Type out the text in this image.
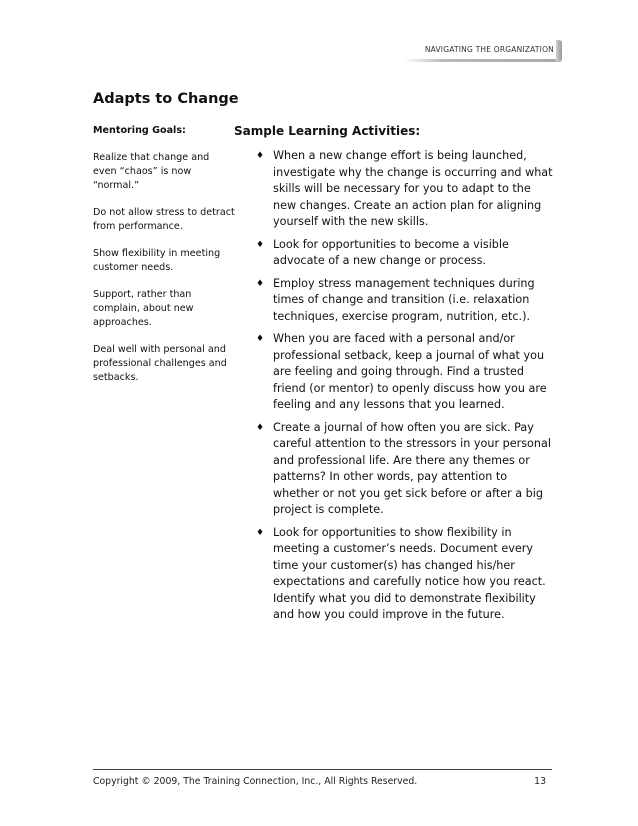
NAVIGATING THE ORGANIZATION
Adapts to Change
Mentoring Goals:
Realize that change and even “chaos” is now “normal.”
Do not allow stress to detract from performance.
Show flexibility in meeting customer needs.
Support, rather than complain, about new approaches.
Deal well with personal and professional challenges and setbacks.
Sample Learning Activities:
♦ When a new change effort is being launched, investigate why the change is occurring and what skills will be necessary for you to adapt to the new changes. Create an action plan for aligning yourself with the new skills.
♦ Look for opportunities to become a visible advocate of a new change or process.
♦ Employ stress management techniques during times of change and transition (i.e. relaxation techniques, exercise program, nutrition, etc.).
♦ When you are faced with a personal and/or professional setback, keep a journal of what you are feeling and going through. Find a trusted friend (or mentor) to openly discuss how you are feeling and any lessons that you learned.
♦ Create a journal of how often you are sick. Pay careful attention to the stressors in your personal and professional life. Are there any themes or patterns? In other words, pay attention to whether or not you get sick before or after a big project is complete.
♦ Look for opportunities to show flexibility in meeting a customer’s needs. Document every time your customer(s) has changed his/her expectations and carefully notice how you react. Identify what you did to demonstrate flexibility and how you could improve in the future.
Copyright © 2009, The Training Connection, Inc., All Rights Reserved.	13
